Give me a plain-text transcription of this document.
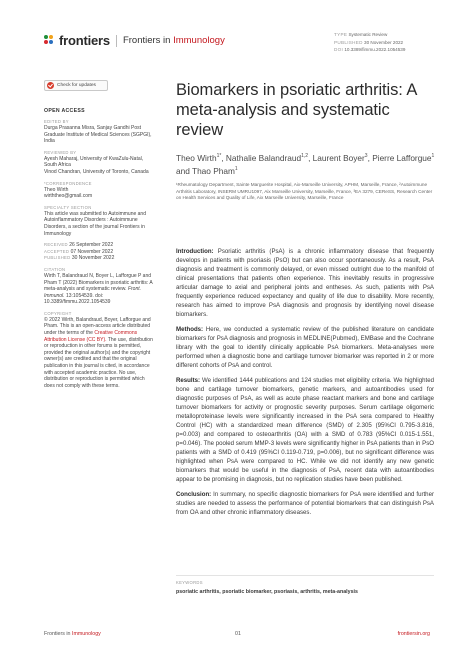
frontiers Frontiers in Immunology
TYPE Systematic Review
PUBLISHED 30 November 2022
DOI 10.3389/fimmu.2022.1054539
Check for updates
OPEN ACCESS
EDITED BY
Durga Prasanna Misra, Sanjay Gandhi Post Graduate Institute of Medical Sciences (SGPGI), India
REVIEWED BY
Ayesh Maharaj, University of KwaZulu-Natal, South Africa
Vinod Chandran, University of Toronto, Canada
*CORRESPONDENCE
Theo Wirth
wirththeo@gmail.com
SPECIALTY SECTION
This article was submitted to Autoimmune and Autoinflammatory Disorders : Autoimmune Disorders, a section of the journal Frontiers in Immunology
RECEIVED 26 September 2022
ACCEPTED 07 November 2022
PUBLISHED 30 November 2022
CITATION
Wirth T, Balandraud N, Boyer L, Lafforgue P and Pham T (2022) Biomarkers in psoriatic arthritis: A meta-analysis and systematic review. Front. Immunol. 13:1054539. doi: 10.3389/fimmu.2022.1054539
COPYRIGHT
© 2022 Wirth, Balandraud, Boyer, Lafforgue and Pham. This is an open-access article distributed under the terms of the Creative Commons Attribution License (CC BY). The use, distribution or reproduction in other forums is permitted, provided the original author(s) and the copyright owner(s) are credited and that the original publication in this journal is cited, in accordance with accepted academic practice. No use, distribution or reproduction is permitted which does not comply with these terms.
Biomarkers in psoriatic arthritis: A meta-analysis and systematic review
Theo Wirth$^{1*}$, Nathalie Balandraud$^{1,2}$, Laurent Boyer$^3$, Pierre Lafforgue$^1$ and Thao Pham$^1$
¹Rheumatology Department, Sainte Marguerite Hospital, Aix-Marseille University, APHM, Marseille, France, ²Autoimmune Arthritis Laboratory, INSERM UMRU1097, Aix Marseille University, Marseille, France, ³EA 3279, CEReSS, Research Center on Health Services and Quality of Life, Aix Marseille University, Marseille, France

Introduction: Psoriatic arthritis (PsA) is a chronic inflammatory disease that frequently develops in patients with psoriasis (PsO) but can also occur spontaneously. As a result, PsA diagnosis and treatment is commonly delayed, or even missed outright due to the manifold of clinical presentations that patients often experience. This inevitably results in progressive articular damage to axial and peripheral joints and entheses. As such, patients with PsA frequently experience reduced expectancy and quality of life due to disability. More recently, research has aimed to improve PsA diagnosis and prognosis by identifying novel disease biomarkers.

Methods: Here, we conducted a systematic review of the published literature on candidate biomarkers for PsA diagnosis and prognosis in MEDLINE(Pubmed), EMBase and the Cochrane library with the goal to identify clinically applicable PsA biomarkers. Meta-analyses were performed when a diagnostic bone and cartilage turnover biomarker was reported in 2 or more different cohorts of PsA and control.

Results: We identified 1444 publications and 124 studies met eligibility criteria. We highlighted bone and cartilage turnover biomarkers, genetic markers, and autoantibodies used for diagnostic purposes of PsA, as well as acute phase reactant markers and bone and cartilage turnover biomarkers for activity or prognostic severity purposes. Serum cartilage oligomeric metalloproteinase levels were significantly increased in the PsA sera compared to Healthy Control (HC) with a standardized mean difference (SMD) of 2.305 (95%CI 0.795-3.816, p=0.003) and compared to osteoarthritis (OA) with a SMD of 0.783 (95%CI 0.015-1.551, p=0.046). The pooled serum MMP-3 levels were significantly higher in PsA patients than in PsO patients with a SMD of 0.419 (95%CI 0.119-0.719, p=0.006), but no significant difference was highlighted when PsA were compared to HC. While we did not identify any new genetic biomarkers that would be useful in the diagnosis of PsA, recent data with autoantibodies appear to be promising in diagnosis, but no replication studies have been published.

Conclusion: In summary, no specific diagnostic biomarkers for PsA were identified and further studies are needed to assess the performance of potential biomarkers that can distinguish PsA from OA and other chronic inflammatory diseases.

KEYWORDS
psoriatic arthritis, psoriatic biomarker, psoriasis, arthritis, meta-analysis
Frontiers in Immunology	01	frontiersin.org
